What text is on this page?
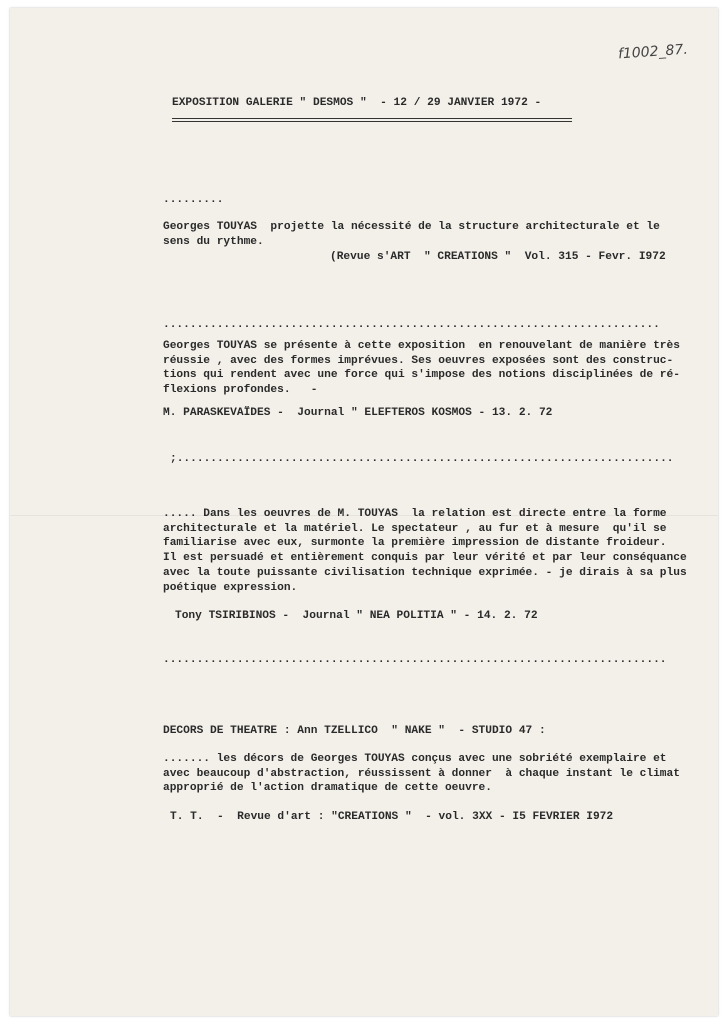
f1002_87.

EXPOSITION GALERIE " DESMOS "  - 12 / 29 JANVIER 1972 -

.........

Georges TOUYAS  projette la nécessité de la structure architecturale et le
sens du rythme.

(Revue s'ART  " CREATIONS "  Vol. 315 - Fevr. I972

..........................................................................

Georges TOUYAS se présente à cette exposition  en renouvelant de manière très
réussie , avec des formes imprévues. Ses oeuvres exposées sont des construc-
tions qui rendent avec une force qui s'impose des notions disciplinées de ré-
flexions profondes.   -

M. PARASKEVAÏDES -  Journal " ELEFTEROS KOSMOS - 13. 2. 72

;..........................................................................

..... Dans les oeuvres de M. TOUYAS  la relation est directe entre la forme
architecturale et la matériel. Le spectateur , au fur et à mesure  qu'il se
familiarise avec eux, surmonte la première impression de distante froideur.
Il est persuadé et entièrement conquis par leur vérité et par leur conséquance
avec la toute puissante civilisation technique exprimée. - je dirais à sa plus
poétique expression.

Tony TSIRIBINOS -  Journal " NEA POLITIA " - 14. 2. 72

...........................................................................

DECORS DE THEATRE : Ann TZELLICO  " NAKE "  - STUDIO 47 :

....... les décors de Georges TOUYAS conçus avec une sobriété exemplaire et
avec beaucoup d'abstraction, réussissent à donner  à chaque instant le climat
approprié de l'action dramatique de cette oeuvre.

T. T.  -  Revue d'art : "CREATIONS "  - vol. 3XX - I5 FEVRIER I972
